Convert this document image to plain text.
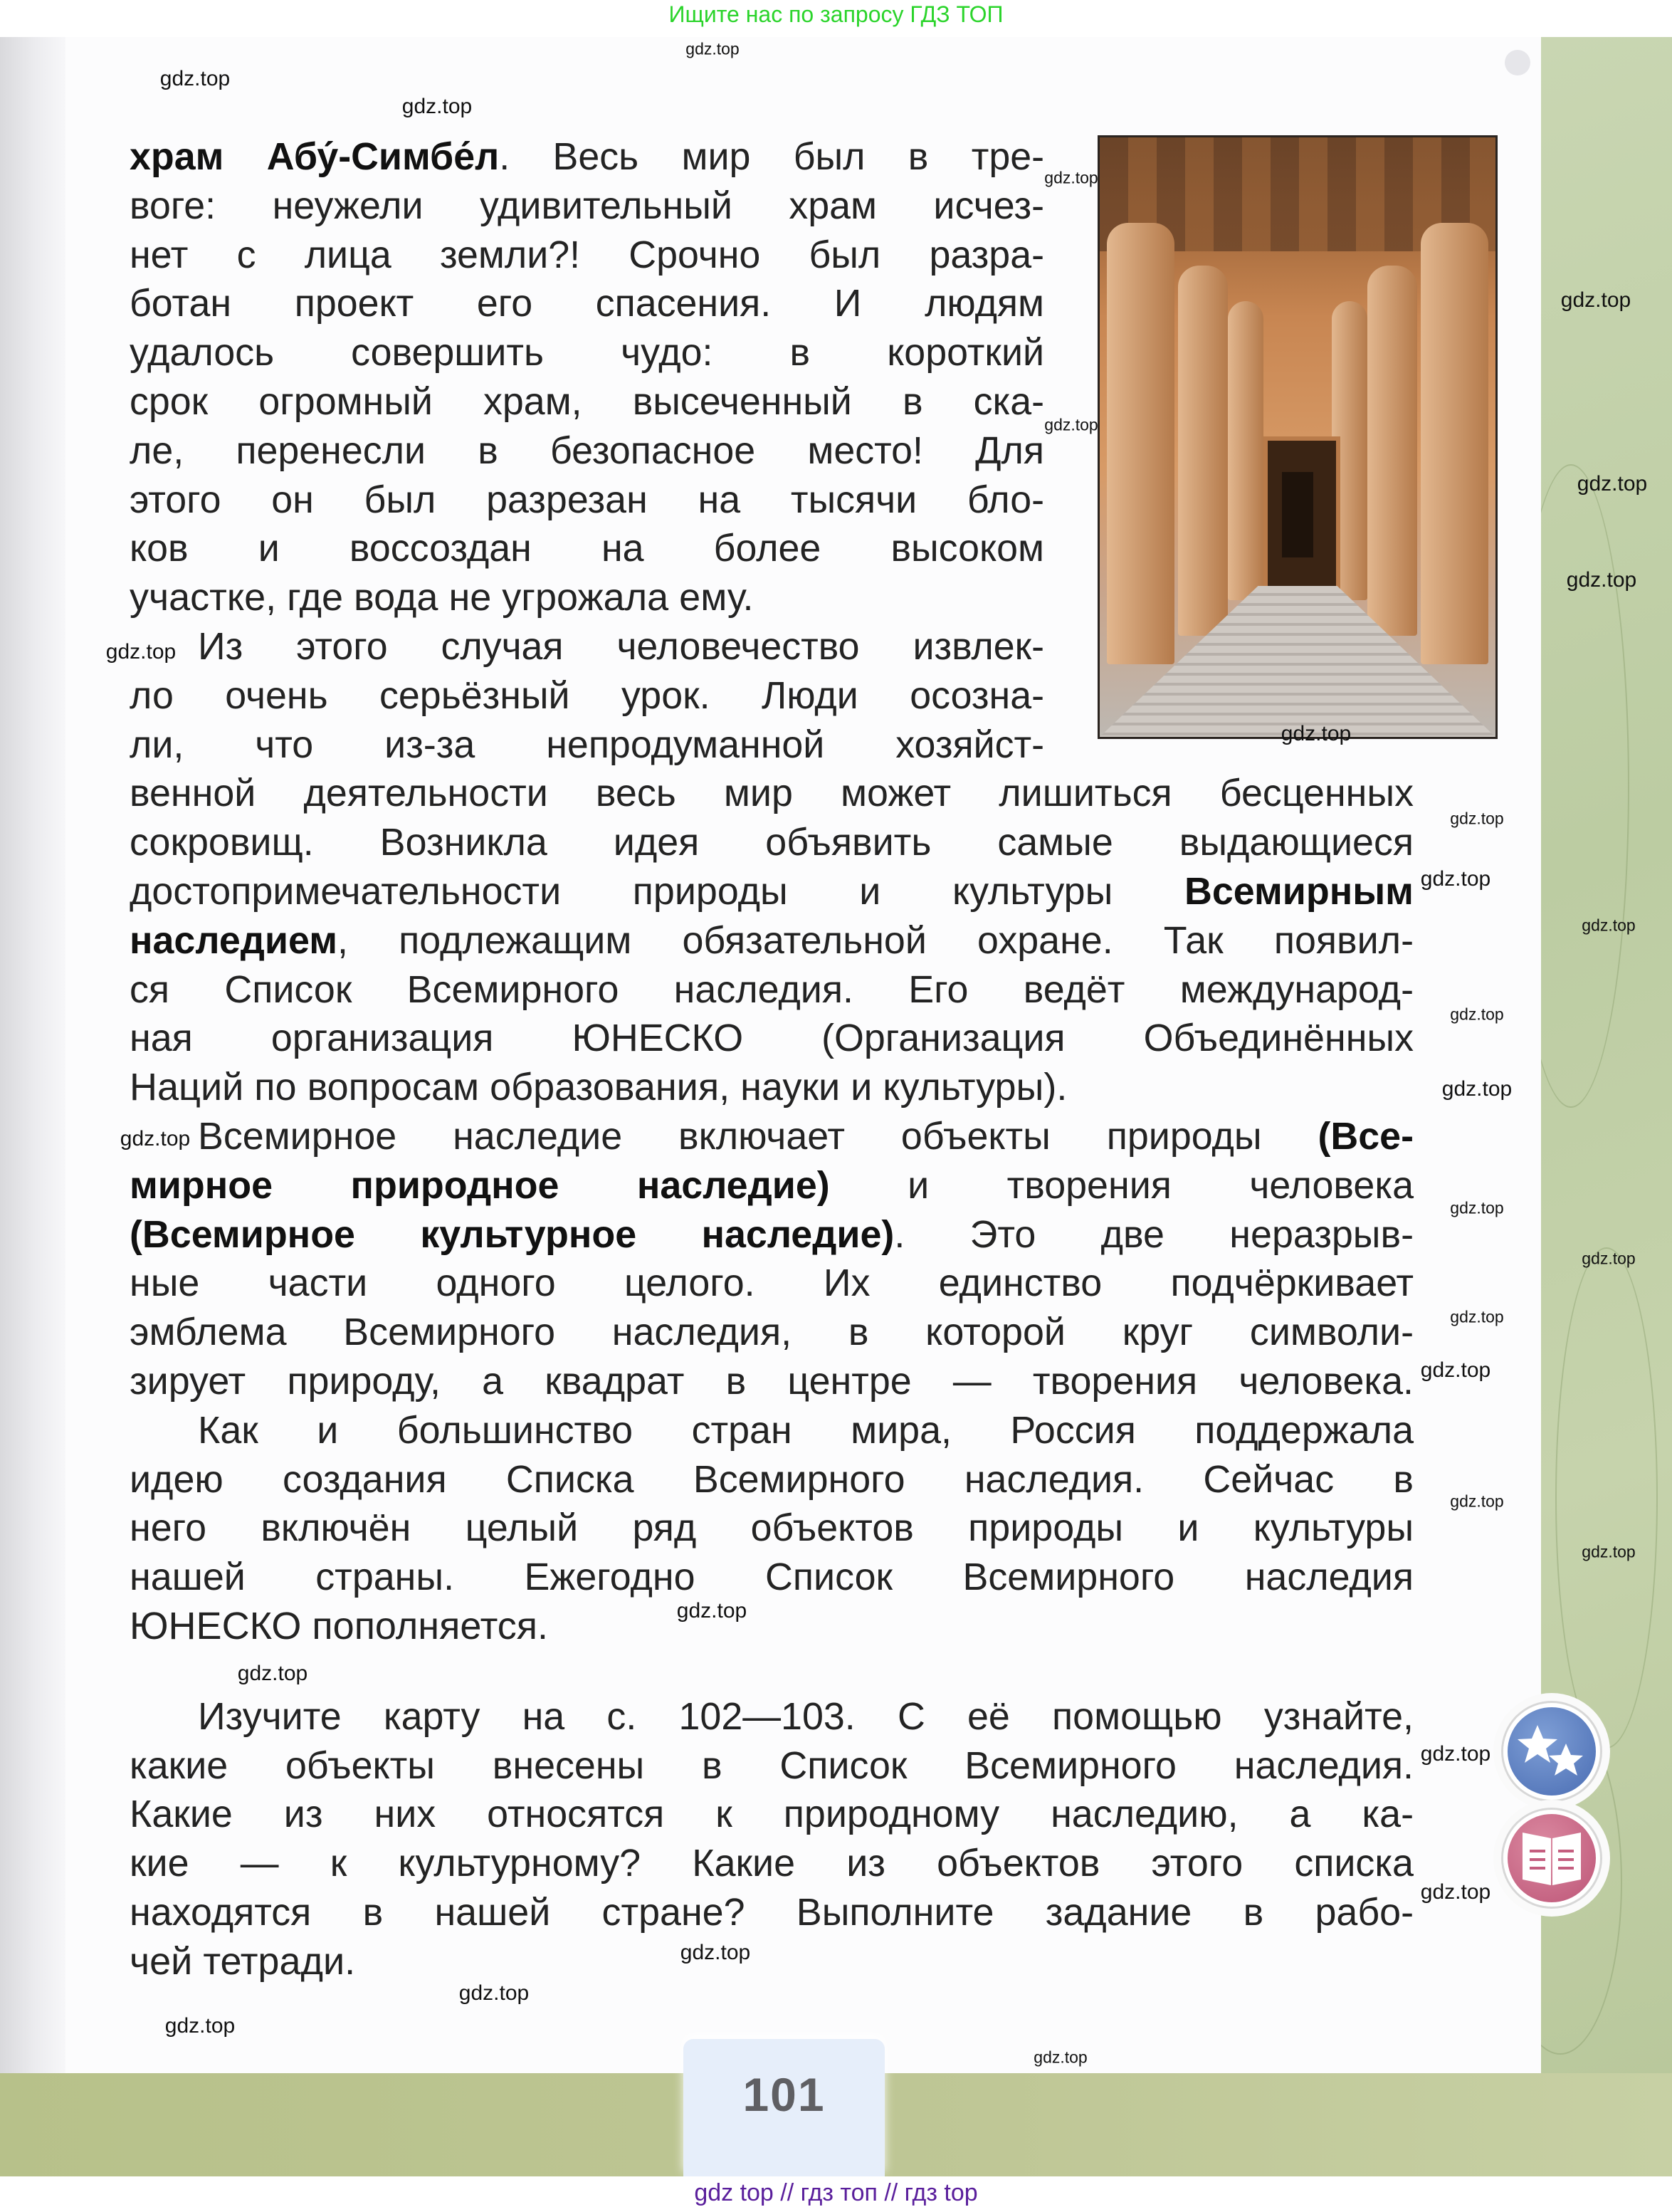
Ищите нас по запросу ГДЗ ТОП
храм Абу́-Симбе́л. Весь мир был в тре-
воге: неужели удивительный храм исчез-
нет с лица земли?! Срочно был разра-
ботан проект его спасения. И людям
удалось совершить чудо: в короткий
срок огромный храм, высеченный в ска-
ле, перенесли в безопасное место! Для
этого он был разрезан на тысячи бло-
ков и воссоздан на более высоком
участке, где вода не угрожала ему.
Из этого случая человечество извлек-
ло очень серьёзный урок. Люди осозна-
ли, что из-за непродуманной хозяйст-
венной деятельности весь мир может лишиться бесценных
сокровищ. Возникла идея объявить самые выдающиеся
достопримечательности природы и культуры Всемирным
наследием, подлежащим обязательной охране. Так появил-
ся Список Всемирного наследия. Его ведёт международ-
ная организация ЮНЕСКО (Организация Объединённых
Наций по вопросам образования, науки и культуры).
Всемирное наследие включает объекты природы (Все-
мирное природное наследие) и творения человека
(Всемирное культурное наследие). Это две неразрыв-
ные части одного целого. Их единство подчёркивает
эмблема Всемирного наследия, в которой круг символи-
зирует природу, а квадрат в центре — творения человека.
Как и большинство стран мира, Россия поддержала
идею создания Списка Всемирного наследия. Сейчас в
него включён целый ряд объектов природы и культуры
нашей страны. Ежегодно Список Всемирного наследия
ЮНЕСКО пополняется.
Изучите карту на с. 102—103. С её помощью узнайте,
какие объекты внесены в Список Всемирного наследия.
Какие из них относятся к природному наследию, а ка-
кие — к культурному? Какие из объектов этого списка
находятся в нашей стране? Выполните задание в рабо-
чей тетради.
101
gdz.top
gdz.top
gdz.top
gdz.top
gdz.top
gdz.top
gdz.top
gdz.top
gdz.top
gdz.top
gdz.top
gdz.top
gdz.top
gdz.top
gdz.top
gdz.top
gdz.top
gdz.top
gdz.top
gdz.top
gdz.top
gdz.top
gdz.top
gdz.top
gdz.top
gdz.top
gdz.top
gdz.top
gdz.top
gdz.top
gdz top // гдз топ // гдз top
